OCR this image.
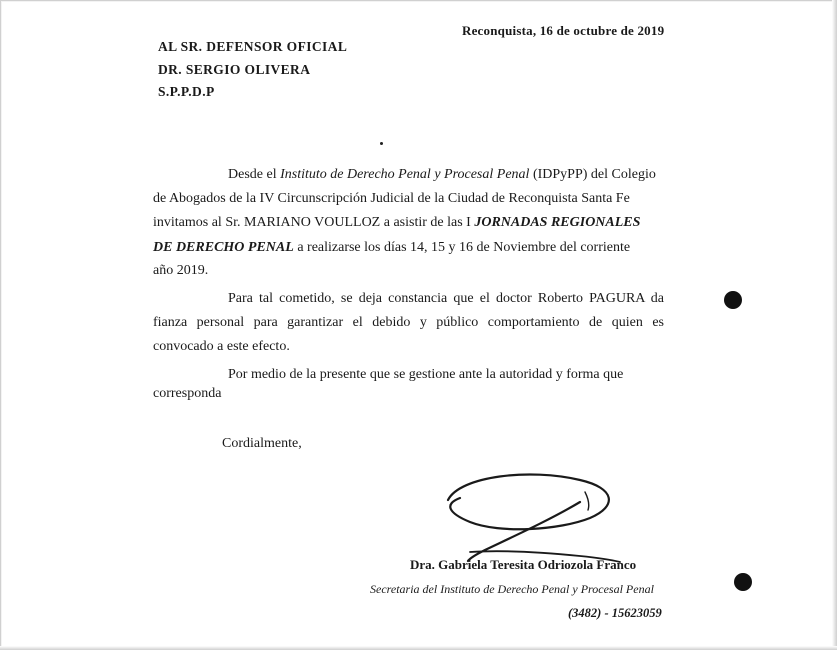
Reconquista, 16 de octubre de 2019
AL SR. DEFENSOR OFICIAL
DR. SERGIO OLIVERA
S.P.P.D.P
Desde el Instituto de Derecho Penal y Procesal Penal (IDPyPP) del Colegio
de Abogados de la IV Circunscripción Judicial de la Ciudad de Reconquista Santa Fe
invitamos al Sr. MARIANO VOULLOZ a asistir de las I JORNADAS REGIONALES
DE DERECHO PENAL a realizarse los días 14, 15 y 16 de Noviembre del corriente
año 2019.
Para tal cometido, se deja constancia que el doctor Roberto PAGURA da
fianza personal para garantizar el debido y público comportamiento de quien es
convocado a este efecto.
Por medio de la presente que se gestione ante la autoridad y forma que
corresponda
Cordialmente,
Dra. Gabriela Teresita Odriozola Franco
Secretaria del Instituto de Derecho Penal y Procesal Penal
(3482) - 15623059
